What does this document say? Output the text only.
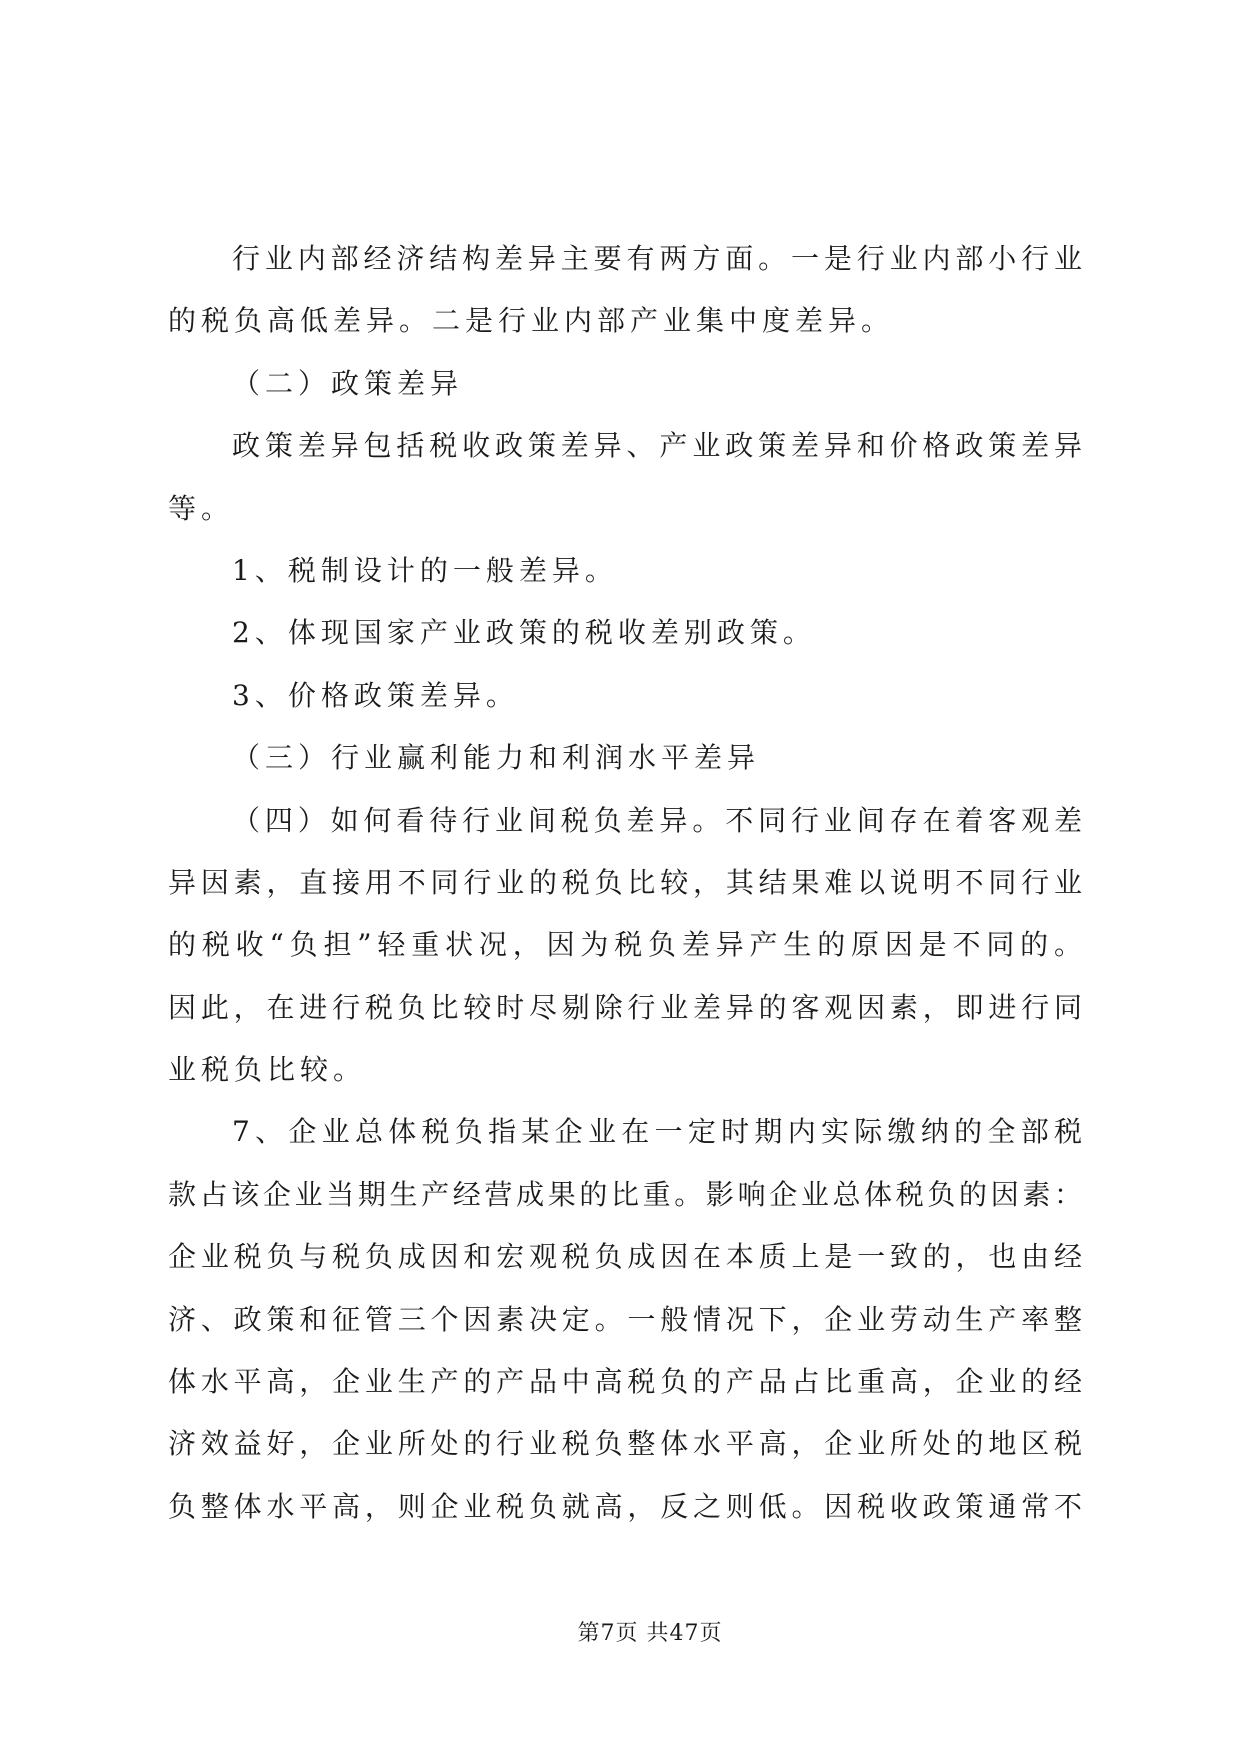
行业内部经济结构差异主要有两方面。一是行业内部小行业
的税负高低差异。二是行业内部产业集中度差异。
（二）政策差异
政策差异包括税收政策差异、产业政策差异和价格政策差异
等。
1、税制设计的一般差异。
2、体现国家产业政策的税收差别政策。
3、价格政策差异。
（三）行业赢利能力和利润水平差异
（四）如何看待行业间税负差异。不同行业间存在着客观差
异因素，直接用不同行业的税负比较，其结果难以说明不同行业
的税收“负担”轻重状况，因为税负差异产生的原因是不同的。
因此，在进行税负比较时尽剔除行业差异的客观因素，即进行同
业税负比较。
7、企业总体税负指某企业在一定时期内实际缴纳的全部税
款占该企业当期生产经营成果的比重。影响企业总体税负的因素：
企业税负与税负成因和宏观税负成因在本质上是一致的，也由经
济、政策和征管三个因素决定。一般情况下，企业劳动生产率整
体水平高，企业生产的产品中高税负的产品占比重高，企业的经
济效益好，企业所处的行业税负整体水平高，企业所处的地区税
负整体水平高，则企业税负就高，反之则低。因税收政策通常不
第7页 共47页
